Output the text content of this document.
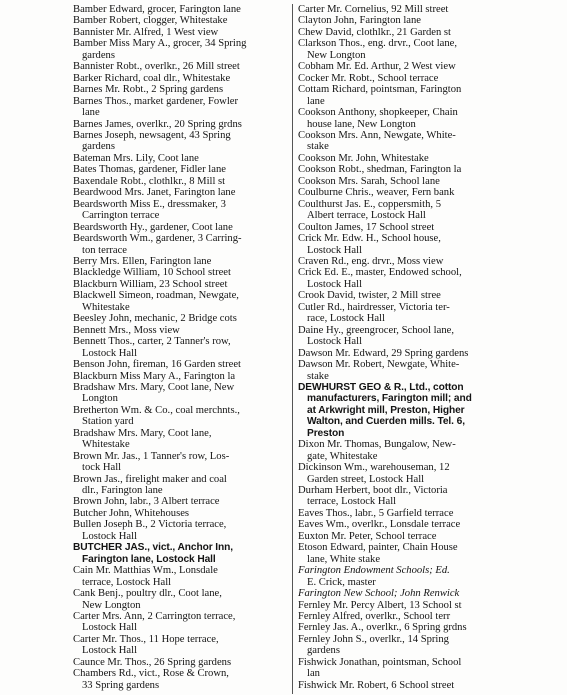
Bamber Edward, grocer, Farington lane
Bamber Robert, clogger, Whitestake
Bannister Mr. Alfred, 1 West view
Bamber Miss Mary A., grocer, 34 Spring
gardens
Bannister Robt., overlkr., 26 Mill street
Barker Richard, coal dlr., Whitestake
Barnes Mr. Robt., 2 Spring gardens
Barnes Thos., market gardener, Fowler
lane
Barnes James, overlkr., 20 Spring grdns
Barnes Joseph, newsagent, 43 Spring
gardens
Bateman Mrs. Lily, Coot lane
Bates Thomas, gardener, Fidler lane
Baxendale Robt., clothlkr., 8 Mill st
Beardwood Mrs. Janet, Farington lane
Beardsworth Miss E., dressmaker, 3
Carrington terrace
Beardsworth Hy., gardener, Coot lane
Beardsworth Wm., gardener, 3 Carring-
ton terrace
Berry Mrs. Ellen, Farington lane
Blackledge William, 10 School street
Blackburn William, 23 School street
Blackwell Simeon, roadman, Newgate,
Whitestake
Beesley John, mechanic, 2 Bridge cots
Bennett Mrs., Moss view
Bennett Thos., carter, 2 Tanner's row,
Lostock Hall
Benson John, fireman, 16 Garden street
Blackburn Miss Mary A., Farington la
Bradshaw Mrs. Mary, Coot lane, New
Longton
Bretherton Wm. & Co., coal merchnts.,
Station yard
Bradshaw Mrs. Mary, Coot lane,
Whitestake
Brown Mr. Jas., 1 Tanner's row, Los-
tock Hall
Brown Jas., firelight maker and coal
dlr., Farington lane
Brown John, labr., 3 Albert terrace
Butcher John, Whitehouses
Bullen Joseph B., 2 Victoria terrace,
Lostock Hall
BUTCHER JAS., vict., Anchor Inn,
Farington lane, Lostock Hall
Cain Mr. Matthias Wm., Lonsdale
terrace, Lostock Hall
Cank Benj., poultry dlr., Coot lane,
New Longton
Carter Mrs. Ann, 2 Carrington terrace,
Lostock Hall
Carter Mr. Thos., 11 Hope terrace,
Lostock Hall
Caunce Mr. Thos., 26 Spring gardens
Chambers Rd., vict., Rose & Crown,
33 Spring gardens
Carter Mr. Cornelius, 92 Mill street
Clayton John, Farington lane
Chew David, clothlkr., 21 Garden st
Clarkson Thos., eng. drvr., Coot lane,
New Longton
Cobham Mr. Ed. Arthur, 2 West view
Cocker Mr. Robt., School terrace
Cottam Richard, pointsman, Farington
lane
Cookson Anthony, shopkeeper, Chain
house lane, New Longton
Cookson Mrs. Ann, Newgate, White-
stake
Cookson Mr. John, Whitestake
Cookson Robt., shedman, Farington la
Cookson Mrs. Sarah, School lane
Coulburne Chris., weaver, Fern bank
Coulthurst Jas. E., coppersmith, 5
Albert terrace, Lostock Hall
Coulton James, 17 School street
Crick Mr. Edw. H., School house,
Lostock Hall
Craven Rd., eng. drvr., Moss view
Crick Ed. E., master, Endowed school,
Lostock Hall
Crook David, twister, 2 Mill stree
Cutler Rd., hairdresser, Victoria ter-
race, Lostock Hall
Daine Hy., greengrocer, School lane,
Lostock Hall
Dawson Mr. Edward, 29 Spring gardens
Dawson Mr. Robert, Newgate, White-
stake
DEWHURST GEO & R., Ltd., cotton
manufacturers, Farington mill; and
at Arkwright mill, Preston, Higher
Walton, and Cuerden mills. Tel. 6,
Preston
Dixon Mr. Thomas, Bungalow, New-
gate, Whitestake
Dickinson Wm., warehouseman, 12
Garden street, Lostock Hall
Durham Herbert, boot dlr., Victoria
terrace, Lostock Hall
Eaves Thos., labr., 5 Garfield terrace
Eaves Wm., overlkr., Lonsdale terrace
Euxton Mr. Peter, School terrace
Etoson Edward, painter, Chain House
lane, White stake
Farington Endowment Schools; Ed.
E. Crick, master
Farington New School; John Renwick
Fernley Mr. Percy Albert, 13 School st
Fernley Alfred, overlkr., School terr
Fernley Jas. A., overlkr., 6 Spring grdns
Fernley John S., overlkr., 14 Spring
gardens
Fishwick Jonathan, pointsman, School
lan
Fishwick Mr. Robert, 6 School street
